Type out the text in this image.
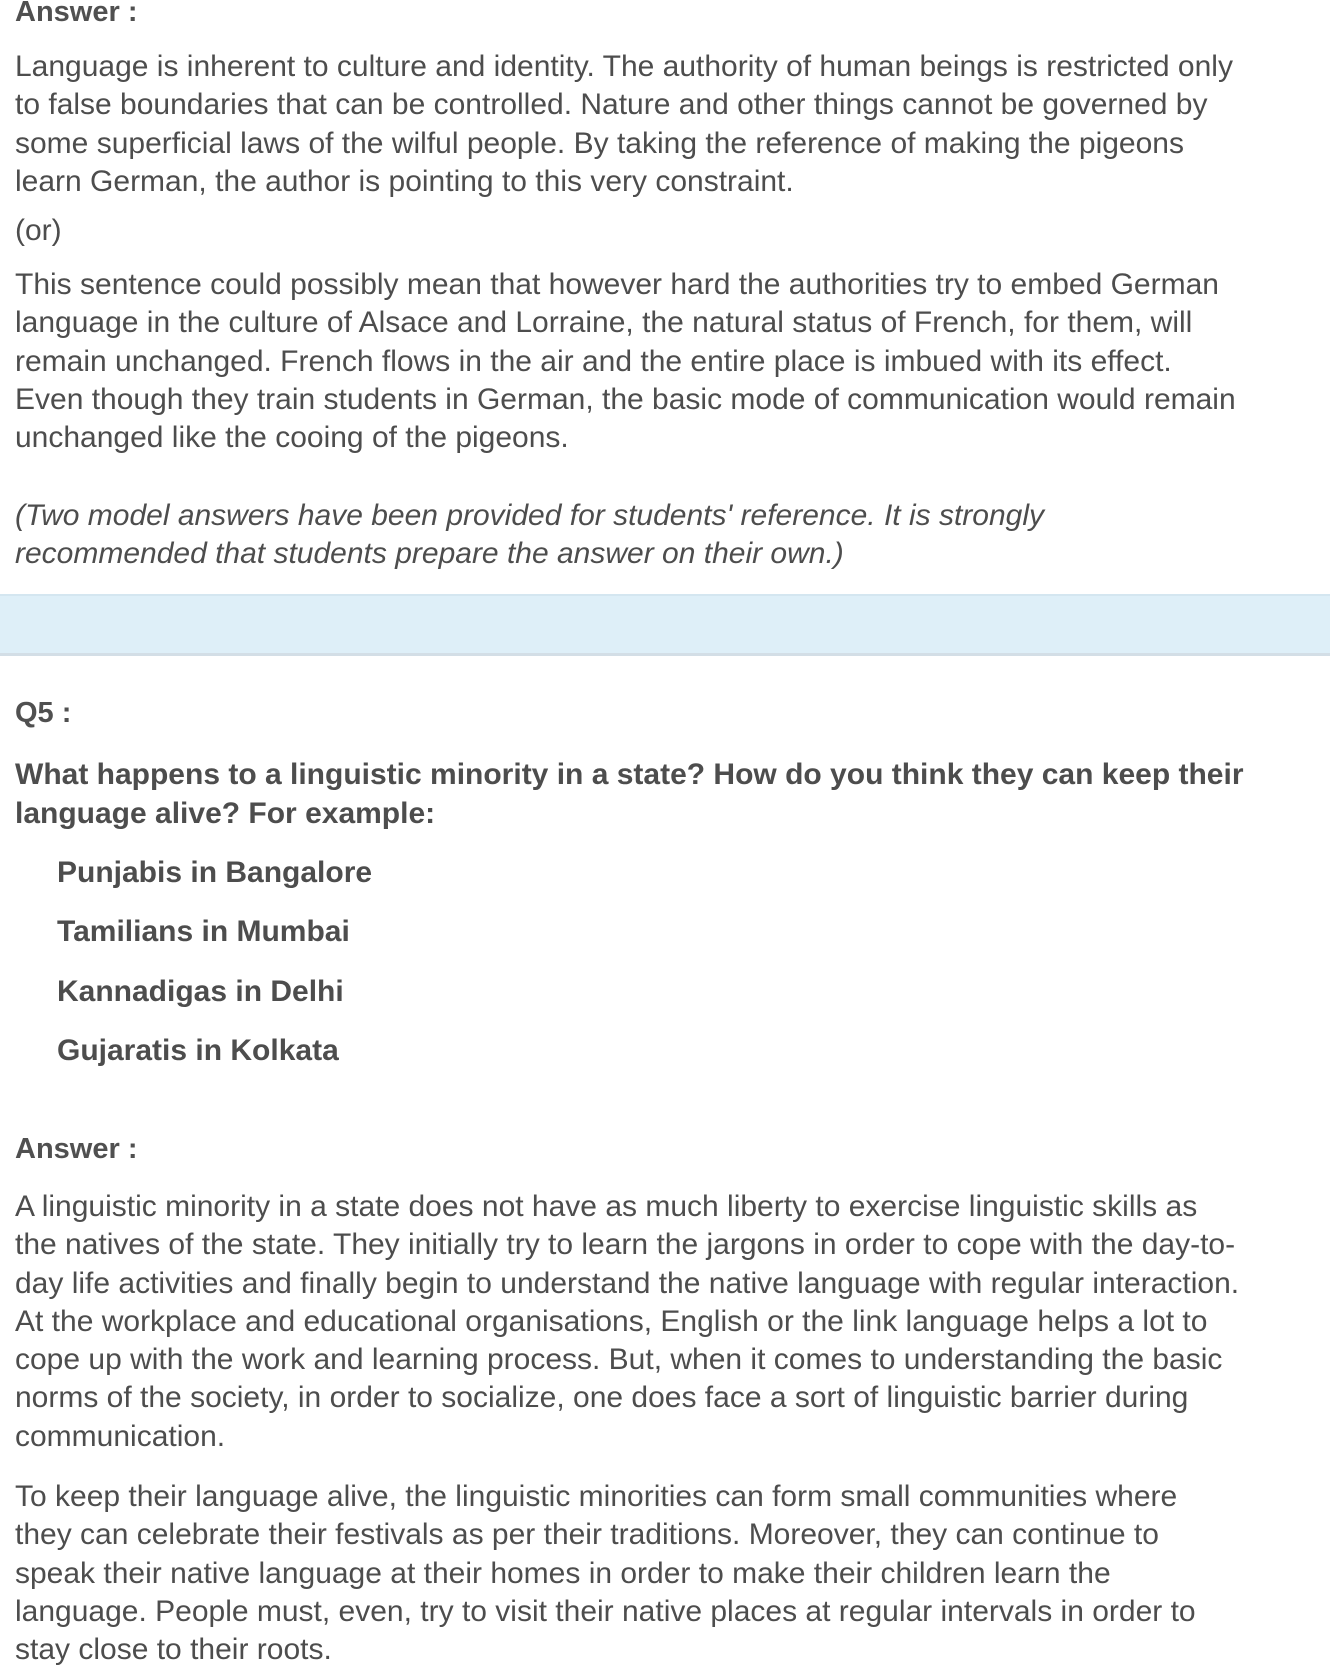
Answer :

Language is inherent to culture and identity. The authority of human beings is restricted only to false boundaries that can be controlled. Nature and other things cannot be governed by some superficial laws of the wilful people. By taking the reference of making the pigeons learn German, the author is pointing to this very constraint.

(or)

This sentence could possibly mean that however hard the authorities try to embed German language in the culture of Alsace and Lorraine, the natural status of French, for them, will remain unchanged. French flows in the air and the entire place is imbued with its effect. Even though they train students in German, the basic mode of communication would remain unchanged like the cooing of the pigeons.

(Two model answers have been provided for students' reference. It is strongly recommended that students prepare the answer on their own.)

Q5 :

What happens to a linguistic minority in a state? How do you think they can keep their language alive? For example:

Punjabis in Bangalore

Tamilians in Mumbai

Kannadigas in Delhi

Gujaratis in Kolkata

Answer :

A linguistic minority in a state does not have as much liberty to exercise linguistic skills as the natives of the state. They initially try to learn the jargons in order to cope with the day-to-day life activities and finally begin to understand the native language with regular interaction. At the workplace and educational organisations, English or the link language helps a lot to cope up with the work and learning process. But, when it comes to understanding the basic norms of the society, in order to socialize, one does face a sort of linguistic barrier during communication.

To keep their language alive, the linguistic minorities can form small communities where they can celebrate their festivals as per their traditions. Moreover, they can continue to speak their native language at their homes in order to make their children learn the language. People must, even, try to visit their native places at regular intervals in order to stay close to their roots.
